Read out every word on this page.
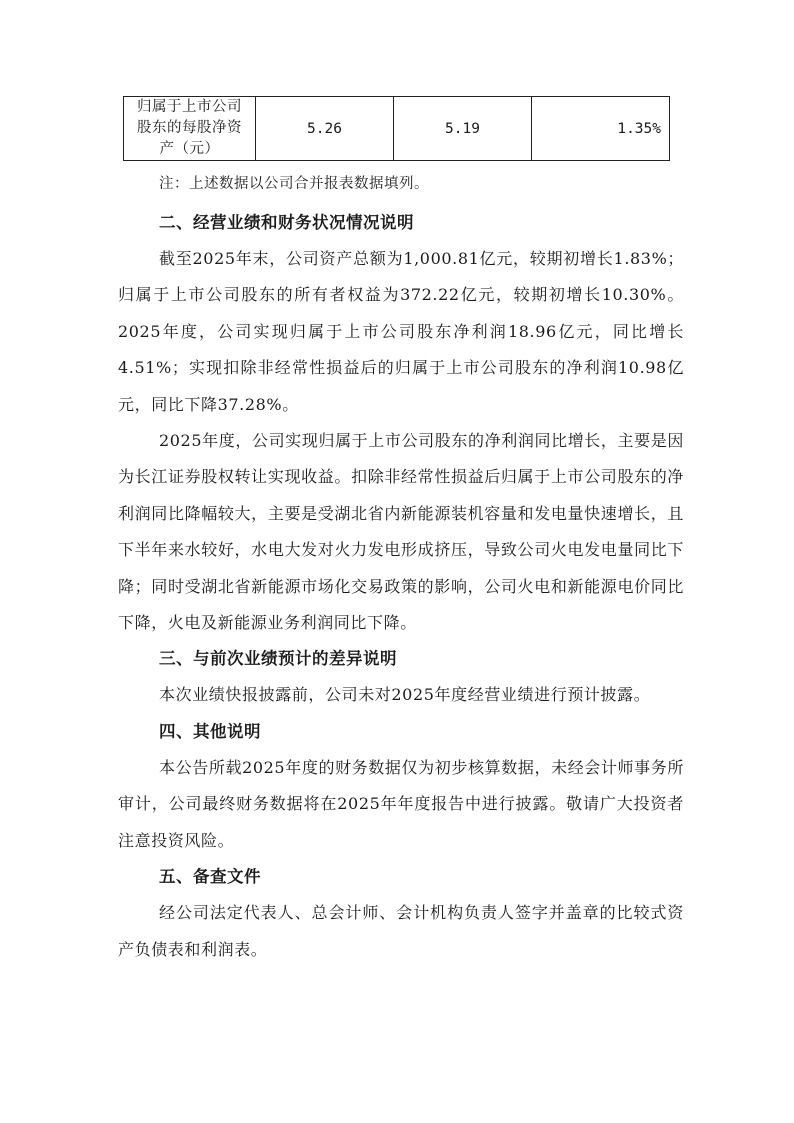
归属于上市公司
股东的每股净资
产（元）
	5.26	5.19	1.35%
注：上述数据以公司合并报表数据填列。
二、经营业绩和财务状况情况说明

截至2025年末，公司资产总额为1,000.81亿元，较期初增长1.83%；归属于上市公司股东的所有者权益为372.22亿元，较期初增长10.30%。2025年度，公司实现归属于上市公司股东净利润18.96亿元，同比增长4.51%；实现扣除非经常性损益后的归属于上市公司股东的净利润10.98亿元，同比下降37.28%。

2025年度，公司实现归属于上市公司股东的净利润同比增长，主要是因为长江证券股权转让实现收益。扣除非经常性损益后归属于上市公司股东的净利润同比降幅较大，主要是受湖北省内新能源装机容量和发电量快速增长，且下半年来水较好，水电大发对火力发电形成挤压，导致公司火电发电量同比下降；同时受湖北省新能源市场化交易政策的影响，公司火电和新能源电价同比下降，火电及新能源业务利润同比下降。

三、与前次业绩预计的差异说明

本次业绩快报披露前，公司未对2025年度经营业绩进行预计披露。

四、其他说明

本公告所载2025年度的财务数据仅为初步核算数据，未经会计师事务所审计，公司最终财务数据将在2025年年度报告中进行披露。敬请广大投资者注意投资风险。

五、备查文件

经公司法定代表人、总会计师、会计机构负责人签字并盖章的比较式资产负债表和利润表。
